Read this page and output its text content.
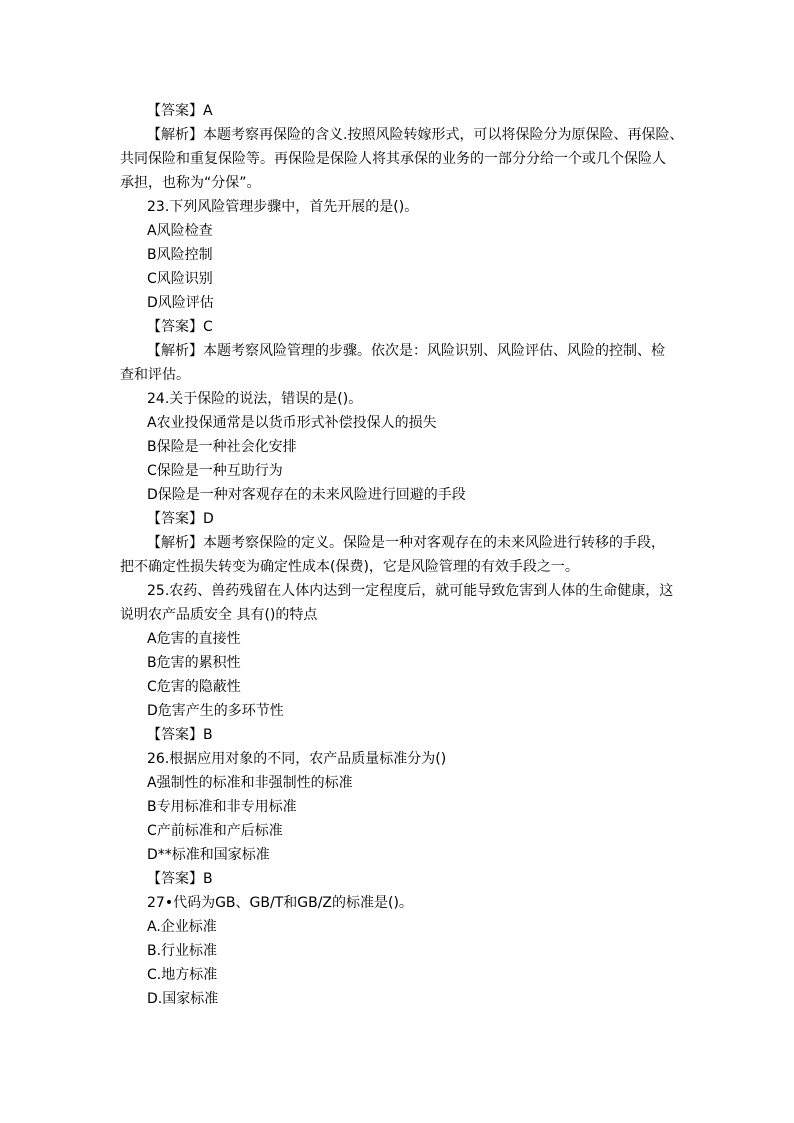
【答案】A
【解析】本题考察再保险的含义.按照风险转嫁形式，可以将保险分为原保险、再保险、
共同保险和重复保险等。再保险是保险人将其承保的业务的一部分分给一个或几个保险人
承担，也称为“分保”。
23.下列风险管理步骤中，首先开展的是()。
A风险检查
B风险控制
C风险识别
D风险评估
【答案】C
【解析】本题考察风险管理的步骤。依次是：风险识别、风险评估、风险的控制、检
查和评估。
24.关于保险的说法，错误的是()。
A农业投保通常是以货币形式补偿投保人的损失
B保险是一种社会化安排
C保险是一种互助行为
D保险是一种对客观存在的未来风险进行回避的手段
【答案】D
【解析】本题考察保险的定义。保险是一种对客观存在的未来风险进行转移的手段，
把不确定性损失转变为确定性成本(保费)，它是风险管理的有效手段之一。
25.农药、兽药残留在人体内达到一定程度后，就可能导致危害到人体的生命健康，这
说明农产品质安全 具有()的特点
A危害的直接性
B危害的累积性
C危害的隐蔽性
D危害产生的多环节性
【答案】B
26.根据应用对象的不同，农产品质量标准分为()
A强制性的标准和非强制性的标准
B专用标准和非专用标准
C产前标准和产后标准
D**标准和国家标准
【答案】B
27•代码为GB、GB/T和GB/Z的标准是()。
A.企业标准
B.行业标准
C.地方标准
D.国家标准
